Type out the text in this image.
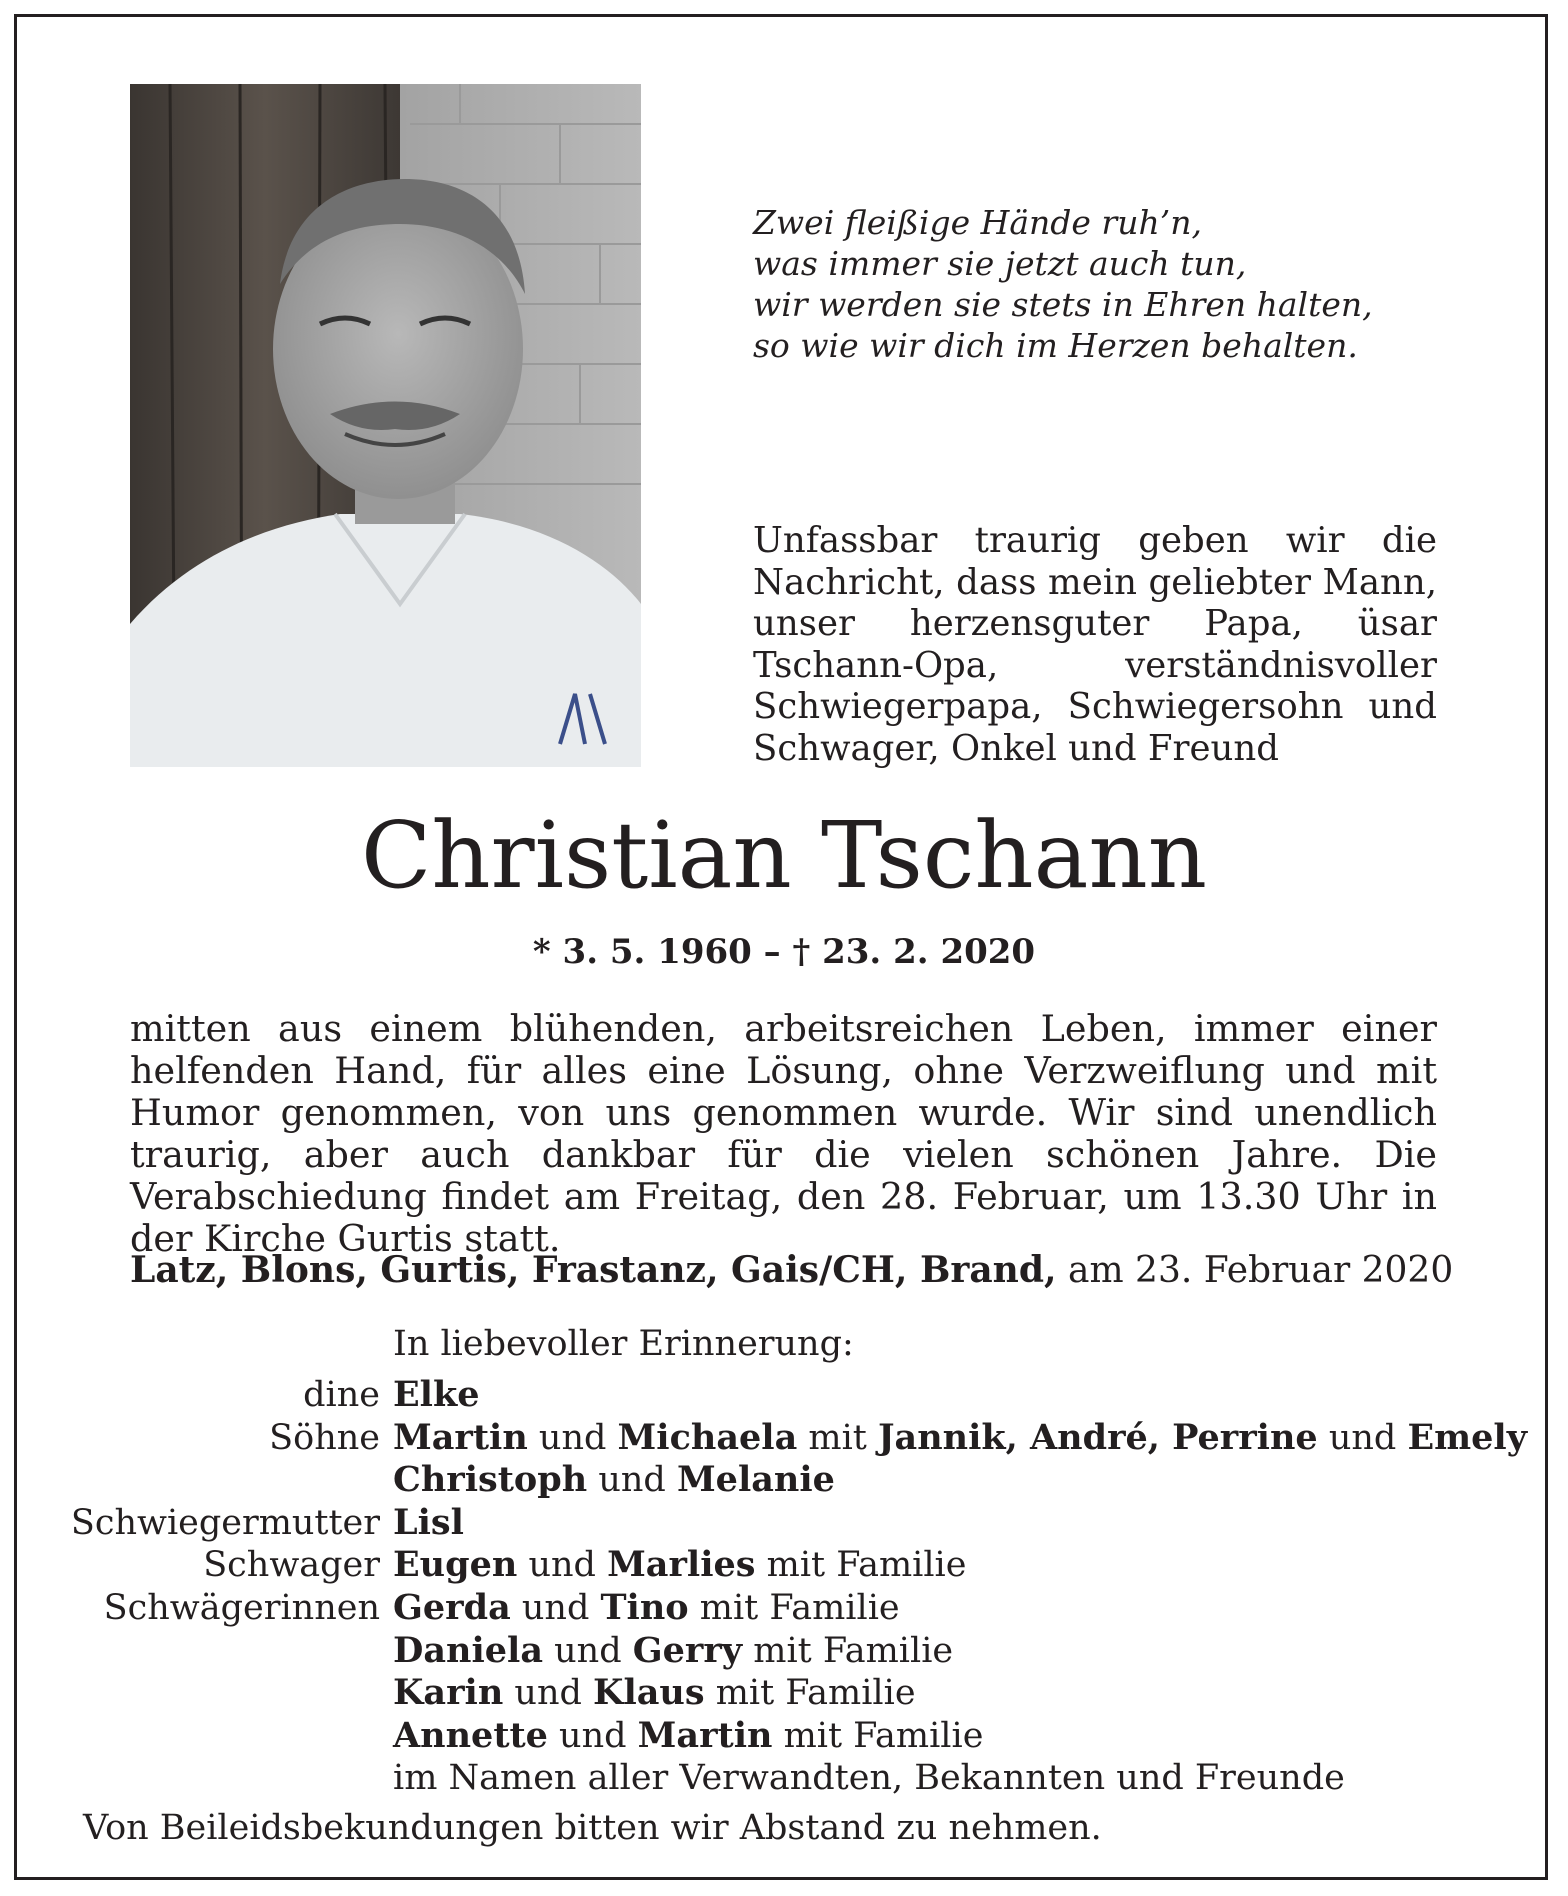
Zwei fleißige Hände ruh’n,
was immer sie jetzt auch tun,
wir werden sie stets in Ehren halten,
so wie wir dich im Herzen behalten.

Unfassbar traurig geben wir die Nachricht, dass mein geliebter Mann, unser herzensguter Papa, üsar Tschann-Opa, verständnisvoller Schwiegerpapa, Schwiegersohn und Schwager, Onkel und Freund

Christian Tschann
* 3. 5. 1960 – † 23. 2. 2020

mitten aus einem blühenden, arbeitsreichen Leben, immer einer helfenden Hand, für alles eine Lösung, ohne Verzweiflung und mit Humor genommen, von uns genommen wurde. Wir sind unendlich traurig, aber auch dankbar für die vielen schönen Jahre. Die Verabschiedung findet am Freitag, den 28. Februar, um 13.30 Uhr in der Kirche Gurtis statt.

Latz, Blons, Gurtis, Frastanz, Gais/CH, Brand, am 23. Februar 2020
In liebevoller Erinnerung:
dine Elke
Söhne Martin und Michaela mit Jannik, André, Perrine und Emely
Christoph und Melanie
Schwiegermutter Lisl
Schwager Eugen und Marlies mit Familie
Schwägerinnen Gerda und Tino mit Familie
Daniela und Gerry mit Familie
Karin und Klaus mit Familie
Annette und Martin mit Familie
im Namen aller Verwandten, Bekannten und Freunde
Von Beileidsbekundungen bitten wir Abstand zu nehmen.
